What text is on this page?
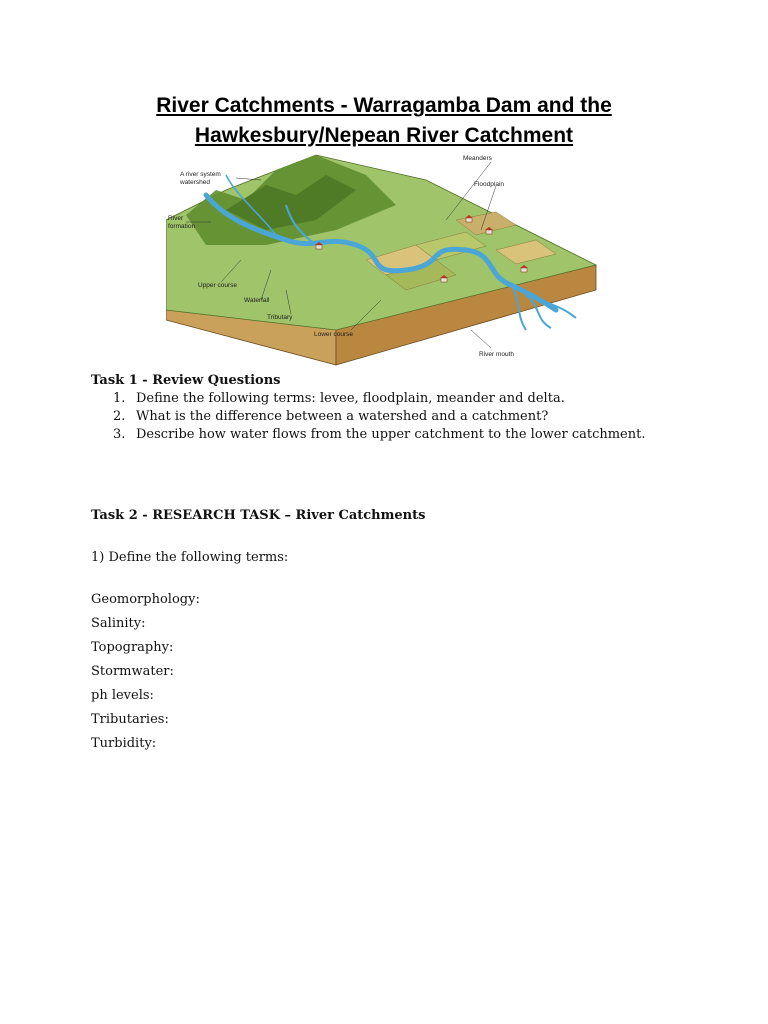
River Catchments - Warragamba Dam and the
Hawkesbury/Nepean River Catchment
Meanders
Floodplain
A river system
watershed
River
formation
Upper course
Waterfall
Tributary
Lower course
River mouth
Task 1 - Review Questions
1. Define the following terms: levee, floodplain, meander and delta.
2. What is the difference between a watershed and a catchment?
3. Describe how water flows from the upper catchment to the lower catchment.
Task 2 - RESEARCH TASK – River Catchments
1) Define the following terms:
Geomorphology:
Salinity:
Topography:
Stormwater:
ph levels:
Tributaries:
Turbidity:
